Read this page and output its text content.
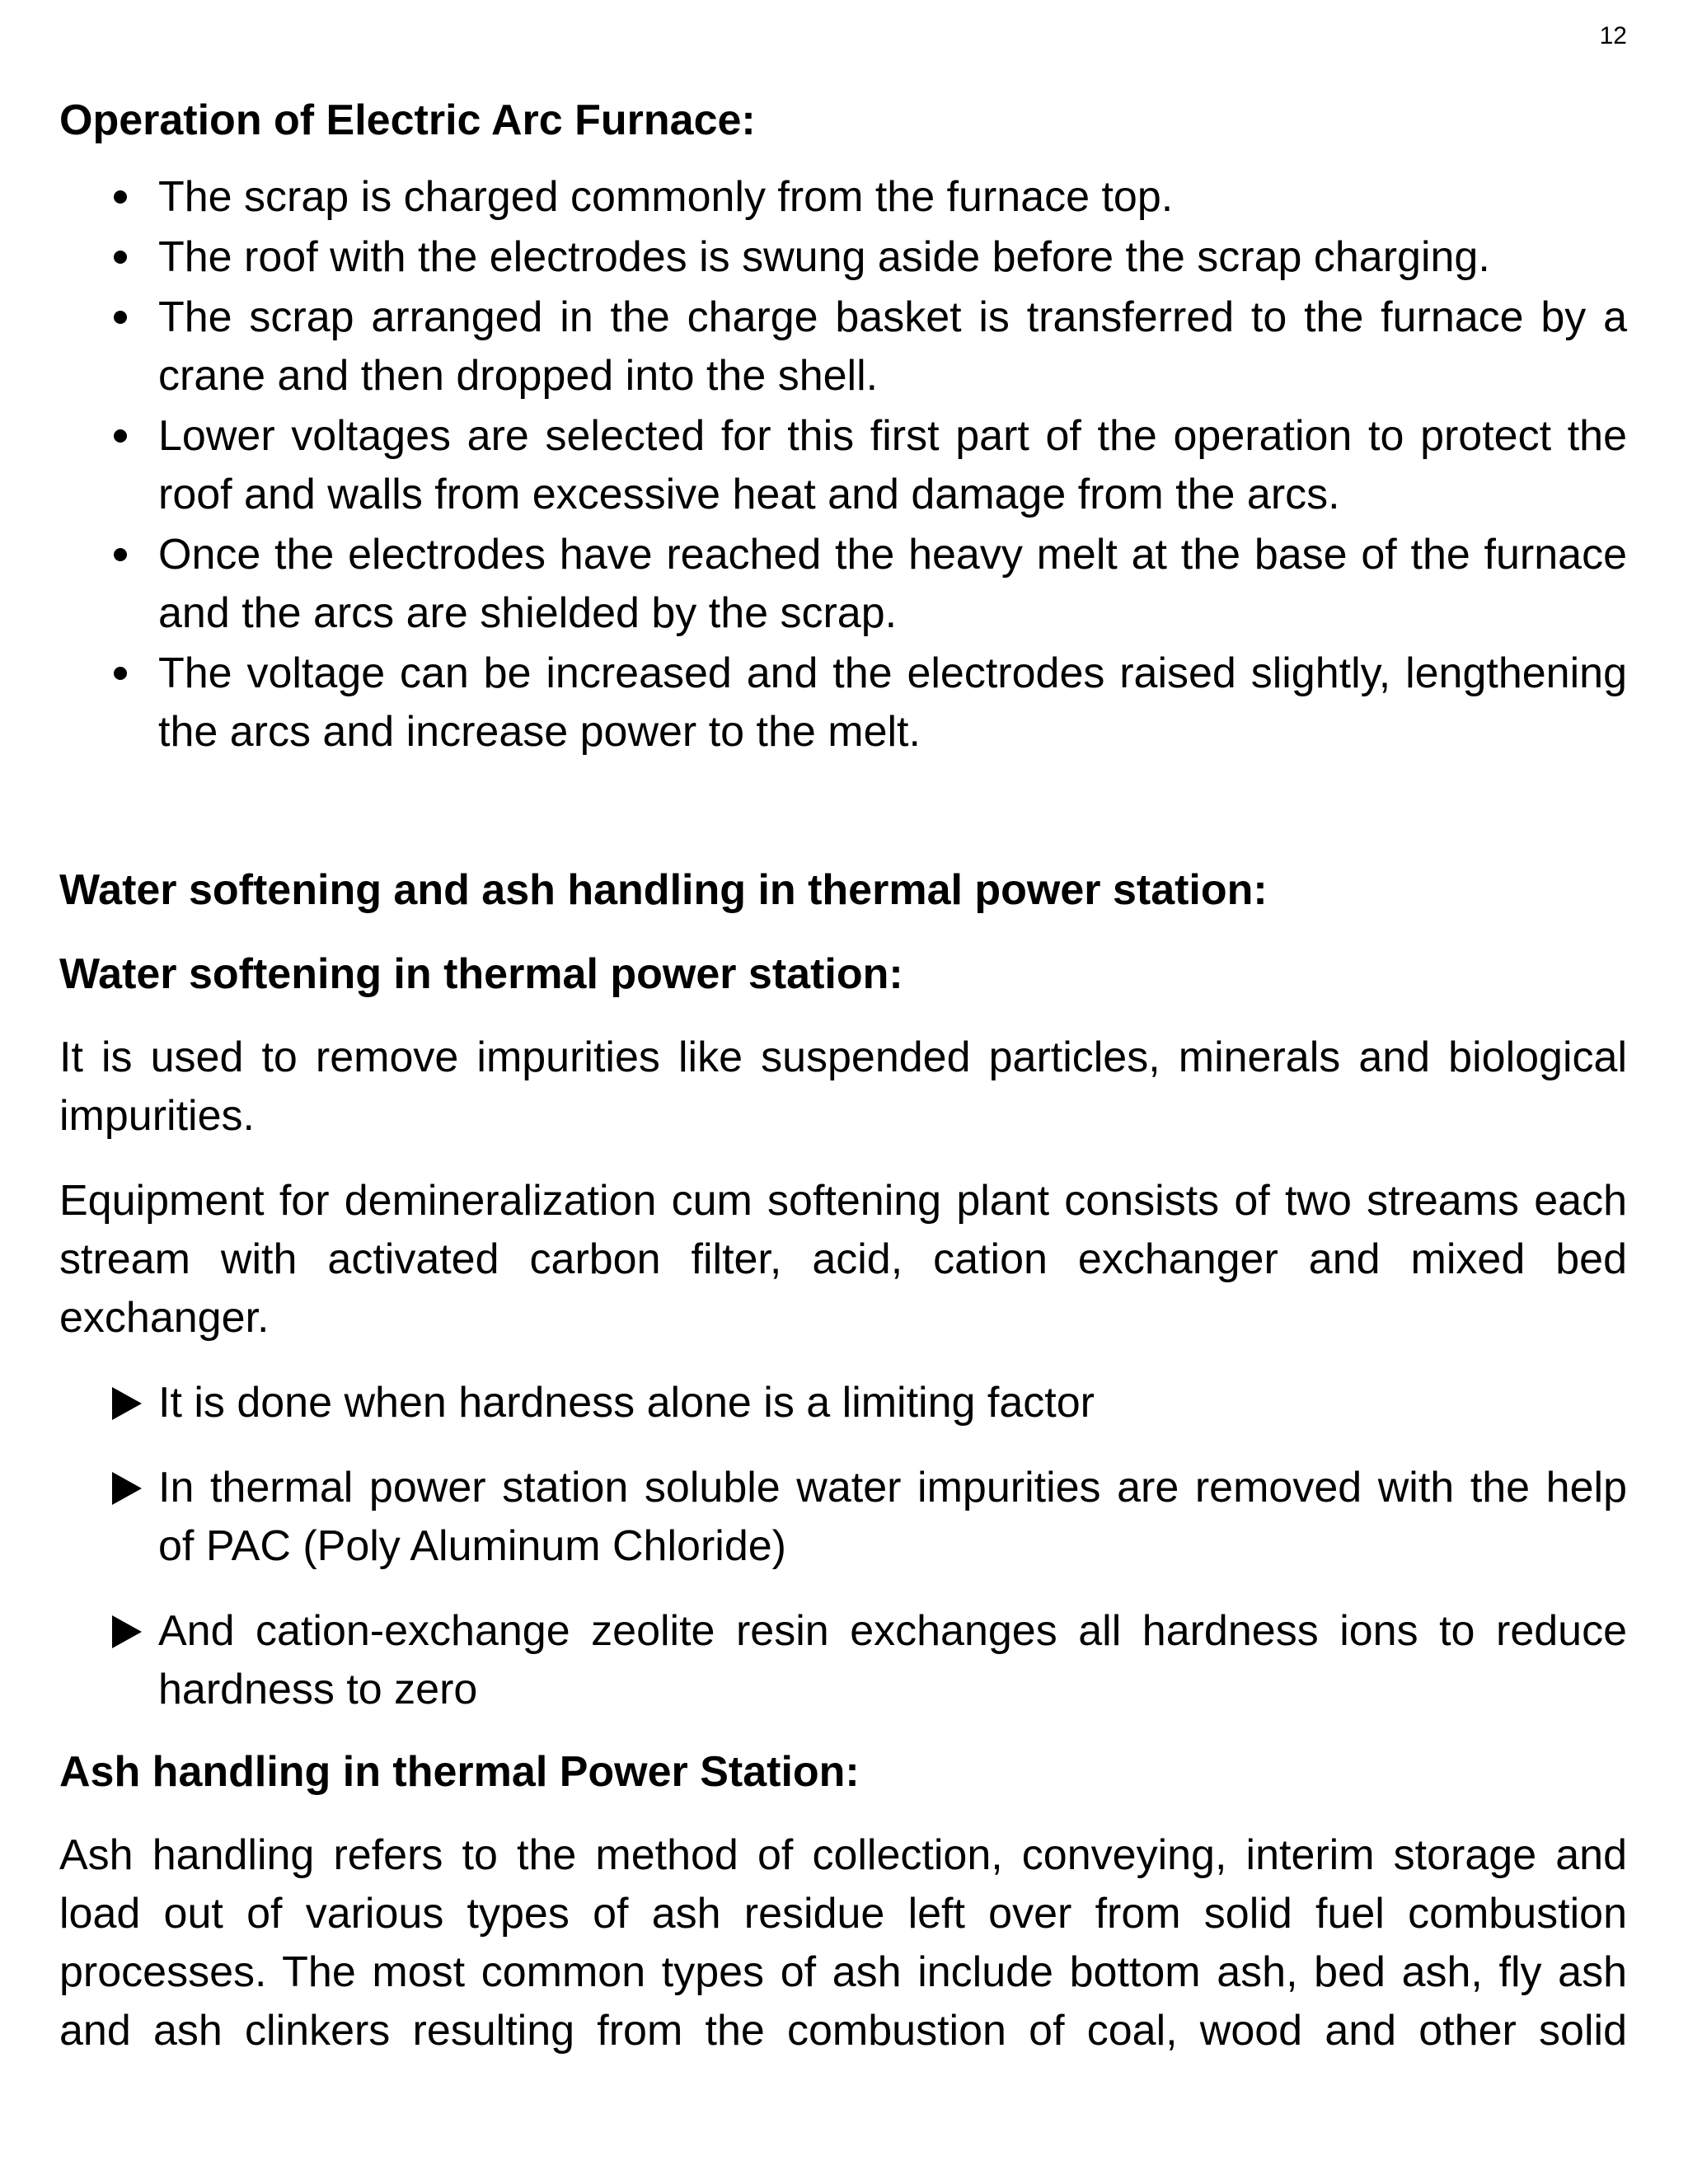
12
Operation of Electric Arc Furnace:
The scrap is charged commonly from the furnace top.
The roof with the electrodes is swung aside before the scrap charging.
The scrap arranged in the charge basket is transferred to the furnace by a crane and then dropped into the shell.
Lower voltages are selected for this first part of the operation to protect the roof and walls from excessive heat and damage from the arcs.
Once the electrodes have reached the heavy melt at the base of the furnace and the arcs are shielded by the scrap.
The voltage can be increased and the electrodes raised slightly, lengthening the arcs and increase power to the melt.
Water softening and ash handling in thermal power station:
Water softening in thermal power station:

It is used to remove impurities like suspended particles, minerals and biological impurities.

Equipment for demineralization cum softening plant consists of two streams each stream with activated carbon filter, acid, cation exchanger and mixed bed exchanger.

It is done when hardness alone is a limiting factor
In thermal power station soluble water impurities are removed with the help of PAC (Poly Aluminum Chloride)
And cation-exchange zeolite resin exchanges all hardness ions to reduce hardness to zero
Ash handling in thermal Power Station:

Ash handling refers to the method of collection, conveying, interim storage and load out of various types of ash residue left over from solid fuel combustion processes. The most common types of ash include bottom ash, bed ash, fly ash and ash clinkers resulting from the combustion of coal, wood and other solid
